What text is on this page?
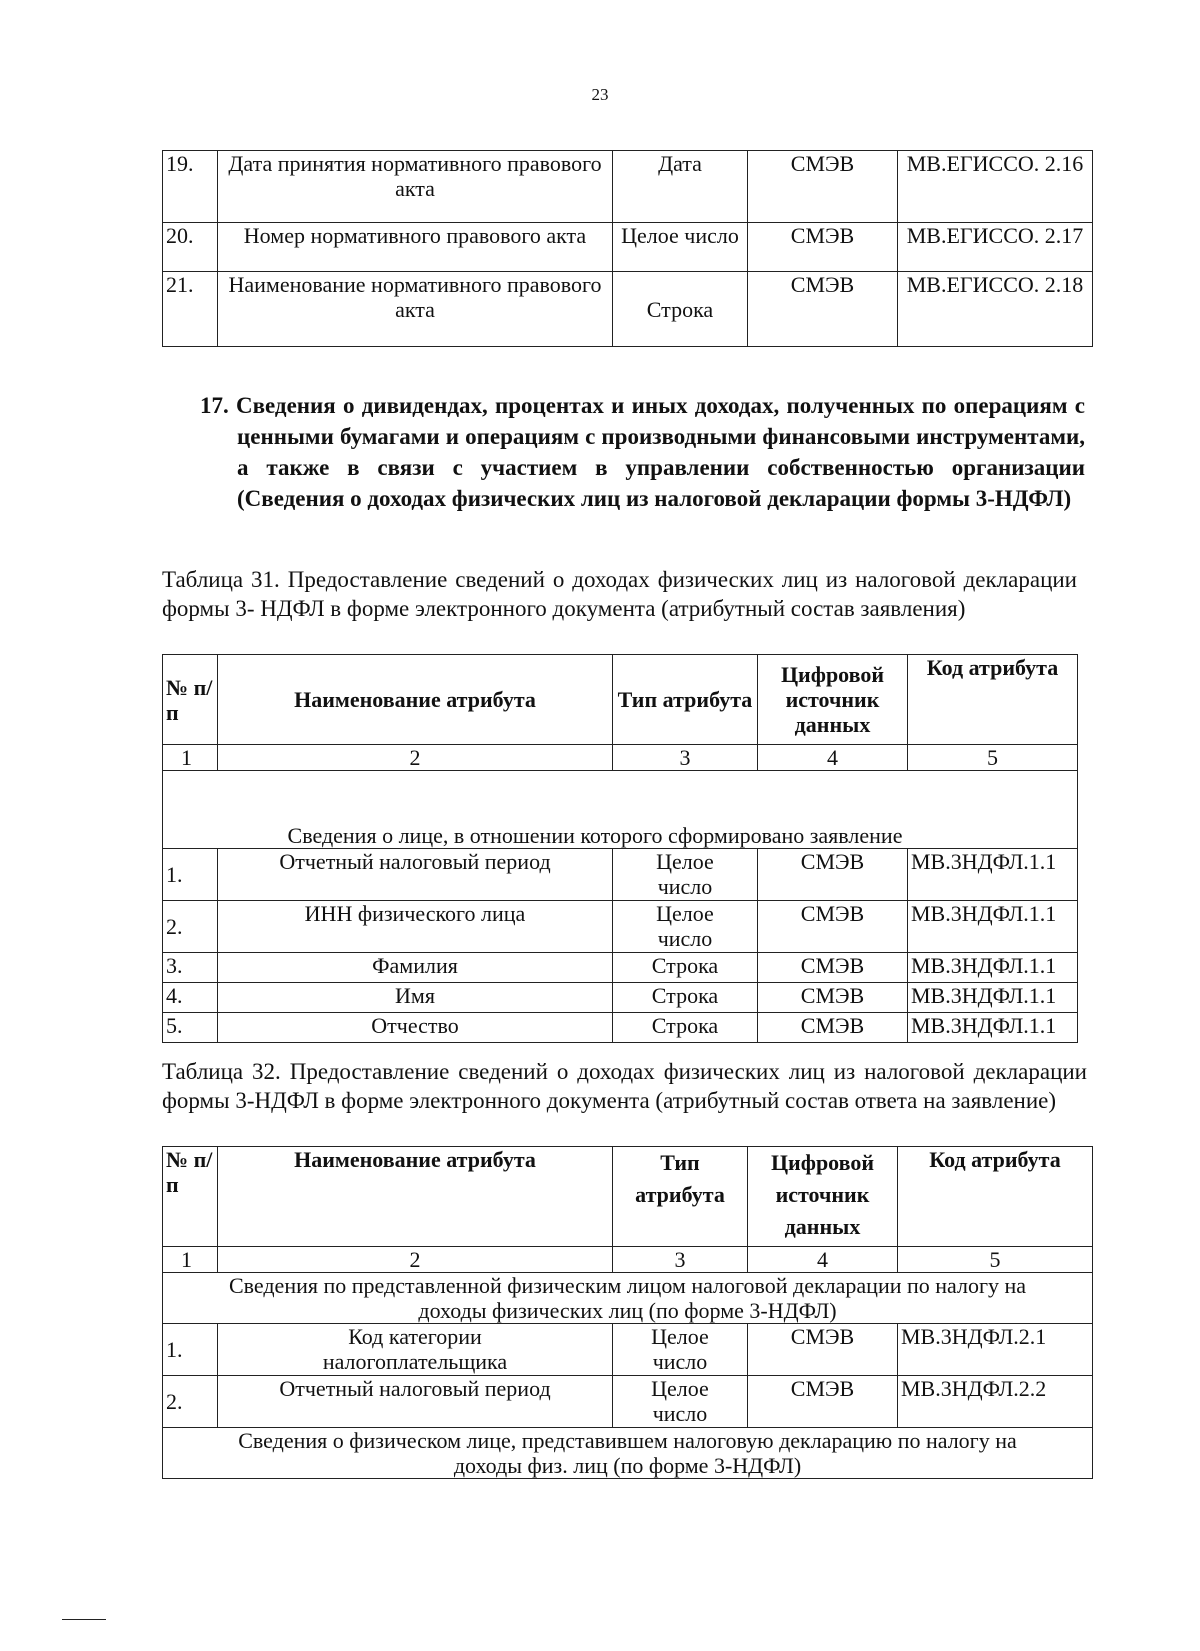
23
19.	Дата принятия нормативного правового акта	Дата	СМЭВ	МВ.ЕГИССО. 2.16
20.	Номер нормативного правового акта	Целое число	СМЭВ	МВ.ЕГИССО. 2.17
21.	Наименование нормативного правового акта	Строка	СМЭВ	МВ.ЕГИССО. 2.18

17. Сведения о дивидендах, процентах и иных доходах, полученных по операциям с ценными бумагами и операциям с производными финансовыми инструментами, а также в связи с участием в управлении собственностью организации (Сведения о доходах физических лиц из налоговой декларации формы 3-НДФЛ)

Таблица 31. Предоставление сведений о доходах физических лиц из налоговой декларации формы 3- НДФЛ в форме электронного документа (атрибутный состав заявления)
№ п/п	Наименование атрибута	Тип атрибута	Цифровой источник данных	Код атрибута
1	2	3	4	5
Сведения о лице, в отношении которого сформировано заявление				
1.	Отчетный налоговый период	Целое число	СМЭВ	МВ.3НДФЛ.1.1
2.	ИНН физического лица	Целое число	СМЭВ	МВ.3НДФЛ.1.1
3.	Фамилия	Строка	СМЭВ	МВ.3НДФЛ.1.1
4.	Имя	Строка	СМЭВ	МВ.3НДФЛ.1.1
5.	Отчество	Строка	СМЭВ	МВ.3НДФЛ.1.1
Таблица 32. Предоставление сведений о доходах физических лиц из налоговой декларации формы 3-НДФЛ в форме электронного документа (атрибутный состав ответа на заявление)
№ п/п	Наименование атрибута	Тип атрибута	Цифровой источник данных	Код атрибута
1	2	3	4	5
Сведения по представленной физическим лицом налоговой декларации по налогу на доходы физических лиц (по форме 3-НДФЛ)				
1.	Код категории налогоплательщика	Целое число	СМЭВ	МВ.3НДФЛ.2.1
2.	Отчетный налоговый период	Целое число	СМЭВ	МВ.3НДФЛ.2.2
Сведения о физическом лице, представившем налоговую декларацию по налогу на доходы физ. лиц (по форме 3-НДФЛ)				
